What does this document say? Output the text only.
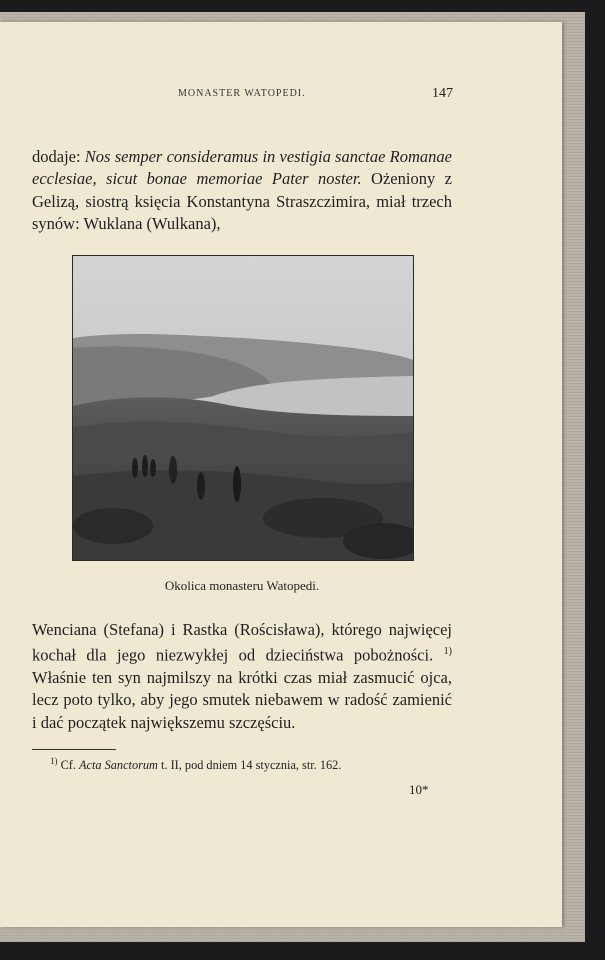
MONASTER WATOPEDI.	147

dodaje: Nos semper consideramus in vestigia sanctae Romanae ecclesiae, sicut bonae memoriae Pater noster. Ożeniony z Gelizą, siostrą księcia Konstantyna Straszczimira, miał trzech synów: Wuklana (Wulkana),

Okolica monasteru Watopedi.

Wenciana (Stefana) i Rastka (Rościsława), którego najwięcej kochał dla jego niezwykłej od dzieciństwa pobożności. $^{1)}$ Właśnie ten syn najmilszy na krótki czas miał zasmucić ojca, lecz poto tylko, aby jego smutek niebawem w radość zamienić i dać początek największemu szczęściu.

$^{1)}$ Cf. Acta Sanctorum t. II, pod dniem 14 stycznia, str. 162.
10*
